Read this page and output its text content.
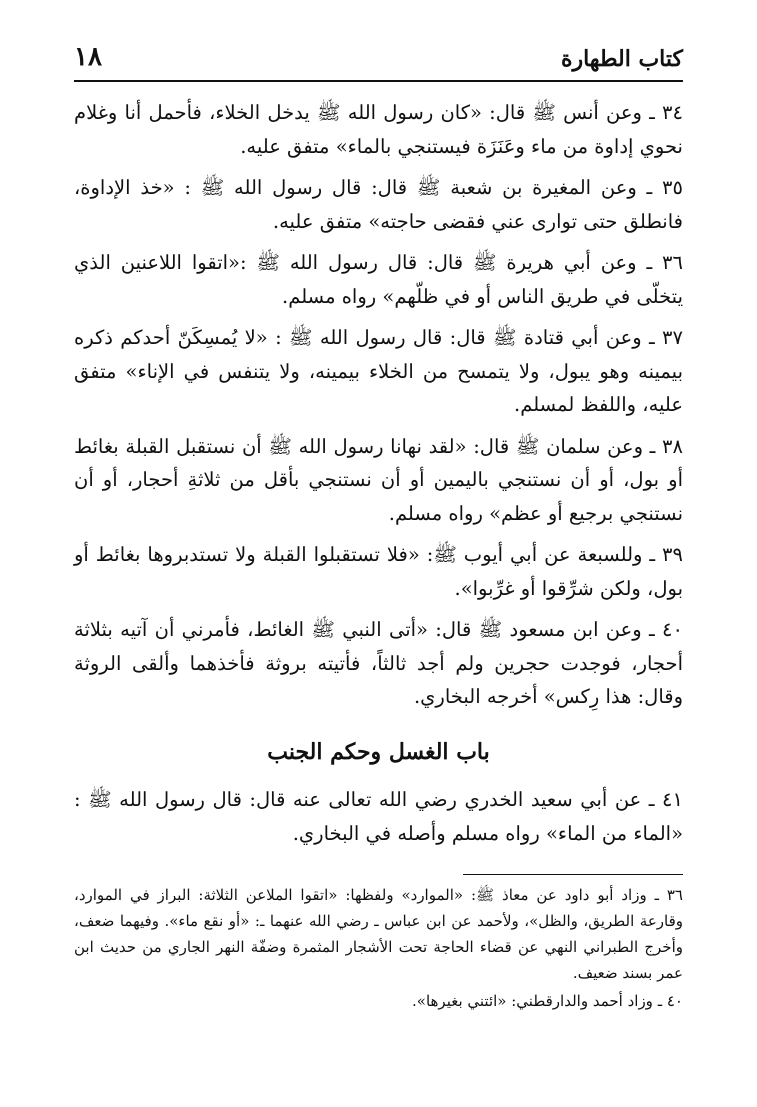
كتاب الطهارة
١٨

٣٤ ـ وعن أنس ﷺ قال: «كان رسول الله ﷺ يدخل الخلاء، فأحمل أنا وغلام نحوي إداوة من ماء وعَنَزَة فيستنجي بالماء» متفق عليه.

٣٥ ـ وعن المغيرة بن شعبة ﷺ قال: قال رسول الله ﷺ : «خذ الإداوة، فانطلق حتى توارى عني فقضى حاجته» متفق عليه.

٣٦ ـ وعن أبي هريرة ﷺ قال: قال رسول الله ﷺ :«اتقوا اللاعنين الذي يتخلّى في طريق الناس أو في ظلّهم» رواه مسلم.

٣٧ ـ وعن أبي قتادة ﷺ قال: قال رسول الله ﷺ : «لا يُمسِكَنّ أحدكم ذكره بيمينه وهو يبول، ولا يتمسح من الخلاء بيمينه، ولا يتنفس في الإناء» متفق عليه، واللفظ لمسلم.

٣٨ ـ وعن سلمان ﷺ قال: «لقد نهانا رسول الله ﷺ أن نستقبل القبلة بغائط أو بول، أو أن نستنجي باليمين أو أن نستنجي بأقل من ثلاثةِ أحجار، أو أن نستنجي برجيع أو عظم» رواه مسلم.

٣٩ ـ وللسبعة عن أبي أيوب ﷺ: «فلا تستقبلوا القبلة ولا تستدبروها بغائط أو بول، ولكن شرِّقوا أو غرِّبوا».

٤٠ ـ وعن ابن مسعود ﷺ قال: «أتى النبي ﷺ الغائط، فأمرني أن آتيه بثلاثة أحجار، فوجدت حجرين ولم أجد ثالثاً، فأتيته بروثة فأخذهما وألقى الروثة وقال: هذا رِكس» أخرجه البخاري.

باب الغسل وحكم الجنب

٤١ ـ عن أبي سعيد الخدري رضي الله تعالى عنه قال: قال رسول الله ﷺ : «الماء من الماء» رواه مسلم وأصله في البخاري.

٣٦ ـ وزاد أبو داود عن معاذ ﷺ: «الموارد» ولفظها: «اتقوا الملاعن الثلاثة: البراز في الموارد، وقارعة الطريق، والظل»، ولأحمد عن ابن عباس ـ رضي الله عنهما ـ: «أو نقع ماء». وفيهما ضعف، وأخرج الطبراني النهي عن قضاء الحاجة تحت الأشجار المثمرة وضفّة النهر الجاري من حديث ابن عمر بسند ضعيف.

٤٠ ـ وزاد أحمد والدارقطني: «ائتني بغيرها».
